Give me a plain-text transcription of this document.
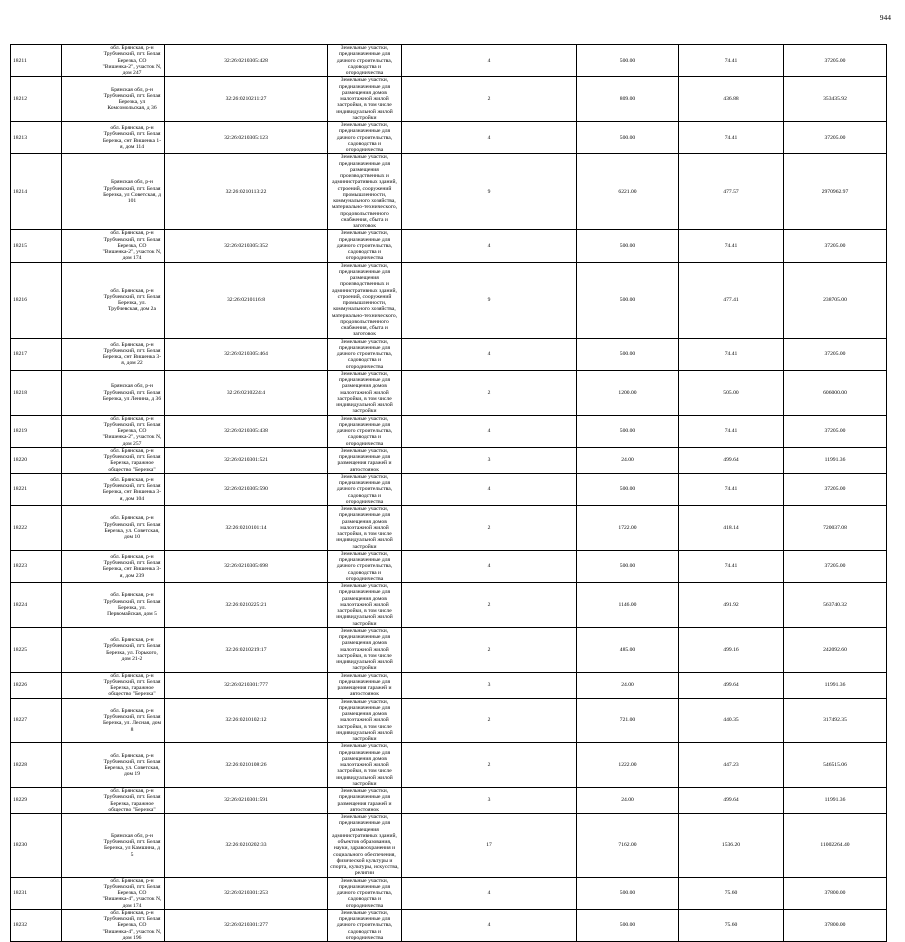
944
18211	обл. Брянская, р-н Трубчевский, пгт. Белая Березка, СО "Вишенка-2", участок N, дом 247	32:26:0210305:428	Земельные участки, предназначенные для дачного строительства, садоводства и огородничества	4	500.00	74.41	37205.00
18212	Брянская обл, р-н Трубчевский, пгт. Белая Березка, ул Комсомольская, д 36	32:26:0210211:27	Земельные участки, предназначенные для размещения домов малоэтажной жилой застройки, в том числе индивидуальной жилой застройки	2	809.00	436.88	353435.92
18213	обл. Брянская, р-н Трубчевский, пгт. Белая Березка, снт Вишенка 1-я, дом 114	32:26:0210305:123	Земельные участки, предназначенные для дачного строительства, садоводства и огородничества	4	500.00	74.41	37205.00
18214	Брянская обл, р-н Трубчевский, пгт. Белая Березка, ул Советская, д 101	32:26:0210113:22	Земельные участки, предназначенные для размещения производственных и административных зданий, строений, сооружений промышленности, коммунального хозяйства, материально-технического, продовольственного снабжения, сбыта и заготовок	9	6221.00	477.57	2970962.97
18215	обл. Брянская, р-н Трубчевский, пгт. Белая Березка, СО "Вишенка-2", участок N, дом 174	32:26:0210305:352	Земельные участки, предназначенные для дачного строительства, садоводства и огородничества	4	500.00	74.41	37205.00
18216	обл. Брянская, р-н Трубчевский, пгт. Белая Березка, ул. Трубчевская, дом 2а	32:26:0210116:8	Земельные участки, предназначенные для размещения производственных и административных зданий, строений, сооружений промышленности, коммунального хозяйства, материально-технического, продовольственного снабжения, сбыта и заготовок	9	500.00	477.41	238705.00
18217	обл. Брянская, р-н Трубчевский, пгт. Белая Березка, снт Вишенка 3-я, дом 22	32:26:0210305:464	Земельные участки, предназначенные для дачного строительства, садоводства и огородничества	4	500.00	74.41	37205.00
18218	Брянская обл, р-н Трубчевский, пгт. Белая Березка, ул Ленина, д 36	32:26:0210224:4	Земельные участки, предназначенные для размещения домов малоэтажной жилой застройки, в том числе индивидуальной жилой застройки	2	1200.00	505.00	606000.00
18219	обл. Брянская, р-н Трубчевский, пгт. Белая Березка, СО "Вишенка-2", участок N, дом 257	32:26:0210305:438	Земельные участки, предназначенные для дачного строительства, садоводства и огородничества	4	500.00	74.41	37205.00
18220	обл. Брянская, р-н Трубчевский, пгт. Белая Березка, гаражное общество "Березка"	32:26:0210301:521	Земельные участки, предназначенные для размещения гаражей и автостоянок	3	24.00	499.64	11991.36
18221	обл. Брянская, р-н Трубчевский, пгт. Белая Березка, снт Вишенка 3-я, дом 104	32:26:0210305:590	Земельные участки, предназначенные для дачного строительства, садоводства и огородничества	4	500.00	74.41	37205.00
18222	обл. Брянская, р-н Трубчевский, пгт. Белая Березка, ул. Советская, дом 10	32:26:0210101:14	Земельные участки, предназначенные для размещения домов малоэтажной жилой застройки, в том числе индивидуальной жилой застройки	2	1722.00	418.14	720037.08
18223	обл. Брянская, р-н Трубчевский, пгт. Белая Березка, снт Вишенка 3-я, дом 239	32:26:0210305:698	Земельные участки, предназначенные для дачного строительства, садоводства и огородничества	4	500.00	74.41	37205.00
18224	обл. Брянская, р-н Трубчевский, пгт. Белая Березка, ул. Первомайская, дом 5	32:26:0210225:21	Земельные участки, предназначенные для размещения домов малоэтажной жилой застройки, в том числе индивидуальной жилой застройки	2	1146.00	491.92	563740.32
18225	обл. Брянская, р-н Трубчевский, пгт. Белая Березка, ул. Горького, дом 21-2	32:26:0210219:17	Земельные участки, предназначенные для размещения домов малоэтажной жилой застройки, в том числе индивидуальной жилой застройки	2	485.00	499.16	242092.60
18226	обл. Брянская, р-н Трубчевский, пгт. Белая Березка, гаражное общество "Березка"	32:26:0210301:777	Земельные участки, предназначенные для размещения гаражей и автостоянок	3	24.00	499.64	11991.36
18227	обл. Брянская, р-н Трубчевский, пгт. Белая Березка, ул. Лесная, дом 8	32:26:0210102:12	Земельные участки, предназначенные для размещения домов малоэтажной жилой застройки, в том числе индивидуальной жилой застройки	2	721.00	440.35	317492.35
18228	обл. Брянская, р-н Трубчевский, пгт. Белая Березка, ул. Советская, дом 19	32:26:0210108:26	Земельные участки, предназначенные для размещения домов малоэтажной жилой застройки, в том числе индивидуальной жилой застройки	2	1222.00	447.23	546515.06
18229	обл. Брянская, р-н Трубчевский, пгт. Белая Березка, гаражное общество "Березка"	32:26:0210301:591	Земельные участки, предназначенные для размещения гаражей и автостоянок	3	24.00	499.64	11991.36
18230	Брянская обл, р-н Трубчевский, пгт. Белая Березка, ул Камшина, д 5	32:26:0210202:33	Земельные участки, предназначенные для размещения административных зданий, объектов образования, науки, здравоохранения и социального обеспечения, физической культуры и спорта, культуры, искусства, религии	17	7162.00	1536.20	11002264.40
18231	обл. Брянская, р-н Трубчевский, пгт. Белая Березка, СО "Вишенка-4", участок N, дом 174	32:26:0210301:253	Земельные участки, предназначенные для дачного строительства, садоводства и огородничества	4	500.00	75.60	37800.00
18232	обл. Брянская, р-н Трубчевский, пгт. Белая Березка, СО "Вишенка-4", участок N, дом 196	32:26:0210301:277	Земельные участки, предназначенные для дачного строительства, садоводства и огородничества	4	500.00	75.60	37800.00
